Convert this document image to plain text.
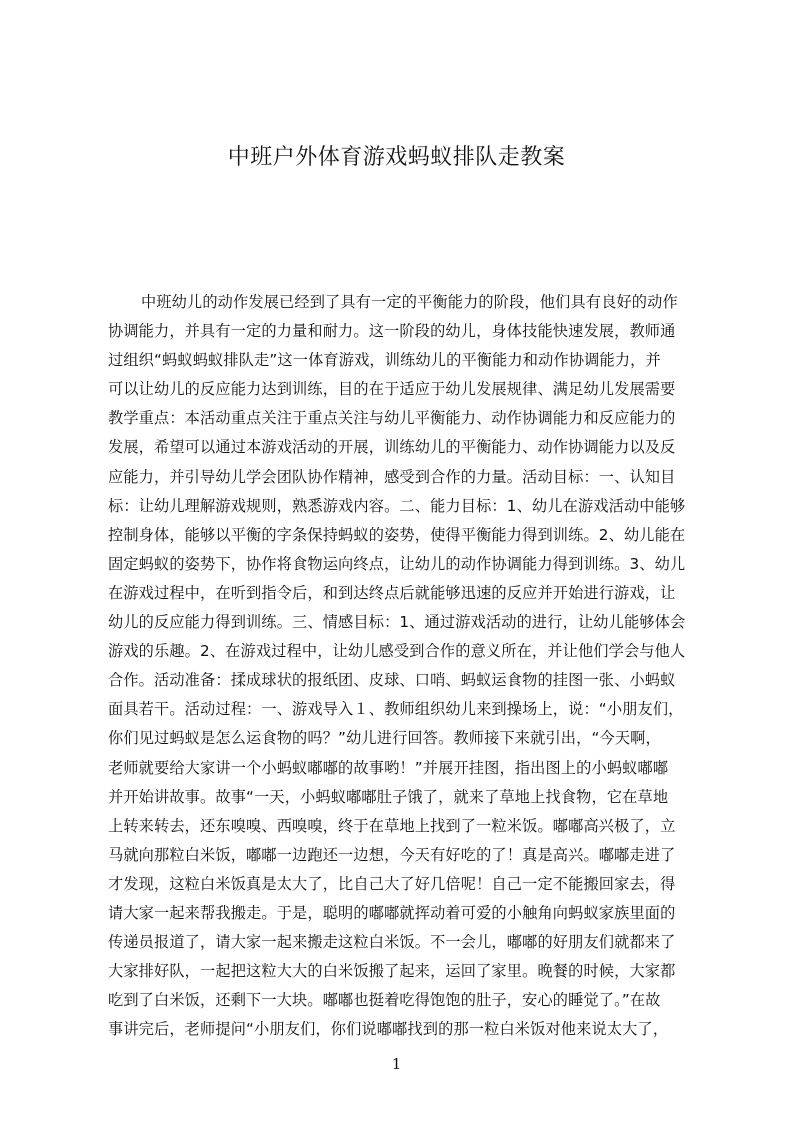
中班户外体育游戏蚂蚁排队走教案
中班幼儿的动作发展已经到了具有一定的平衡能力的阶段，他们具有良好的动作
协调能力，并具有一定的力量和耐力。这一阶段的幼儿，身体技能快速发展，教师通
过组织“蚂蚁蚂蚁排队走”这一体育游戏，训练幼儿的平衡能力和动作协调能力，并
可以让幼儿的反应能力达到训练，目的在于适应于幼儿发展规律、满足幼儿发展需要
教学重点：本活动重点关注于重点关注与幼儿平衡能力、动作协调能力和反应能力的
发展，希望可以通过本游戏活动的开展，训练幼儿的平衡能力、动作协调能力以及反
应能力，并引导幼儿学会团队协作精神，感受到合作的力量。活动目标：一、认知目
标：让幼儿理解游戏规则，熟悉游戏内容。二、能力目标：1、幼儿在游戏活动中能够
控制身体，能够以平衡的字条保持蚂蚁的姿势，使得平衡能力得到训练。2、幼儿能在
固定蚂蚁的姿势下，协作将食物运向终点，让幼儿的动作协调能力得到训练。3、幼儿
在游戏过程中，在听到指令后，和到达终点后就能够迅速的反应并开始进行游戏，让
幼儿的反应能力得到训练。三、情感目标：1、通过游戏活动的进行，让幼儿能够体会
游戏的乐趣。2、在游戏过程中，让幼儿感受到合作的意义所在，并让他们学会与他人
合作。活动准备：揉成球状的报纸团、皮球、口哨、蚂蚁运食物的挂图一张、小蚂蚁
面具若干。活动过程：一、游戏导入１、教师组织幼儿来到操场上，说：“小朋友们，
你们见过蚂蚁是怎么运食物的吗？”幼儿进行回答。教师接下来就引出，“今天啊，
老师就要给大家讲一个小蚂蚁嘟嘟的故事哟！”并展开挂图，指出图上的小蚂蚁嘟嘟
并开始讲故事。故事“一天，小蚂蚁嘟嘟肚子饿了，就来了草地上找食物，它在草地
上转来转去，还东嗅嗅、西嗅嗅，终于在草地上找到了一粒米饭。嘟嘟高兴极了，立
马就向那粒白米饭，嘟嘟一边跑还一边想，今天有好吃的了！真是高兴。嘟嘟走进了
才发现，这粒白米饭真是太大了，比自己大了好几倍呢！自己一定不能搬回家去，得
请大家一起来帮我搬走。于是，聪明的嘟嘟就挥动着可爱的小触角向蚂蚁家族里面的
传递员报道了，请大家一起来搬走这粒白米饭。不一会儿，嘟嘟的好朋友们就都来了
大家排好队，一起把这粒大大的白米饭搬了起来，运回了家里。晚餐的时候，大家都
吃到了白米饭，还剩下一大块。嘟嘟也挺着吃得饱饱的肚子，安心的睡觉了。”在故
事讲完后，老师提问“小朋友们，你们说嘟嘟找到的那一粒白米饭对他来说太大了，
1
